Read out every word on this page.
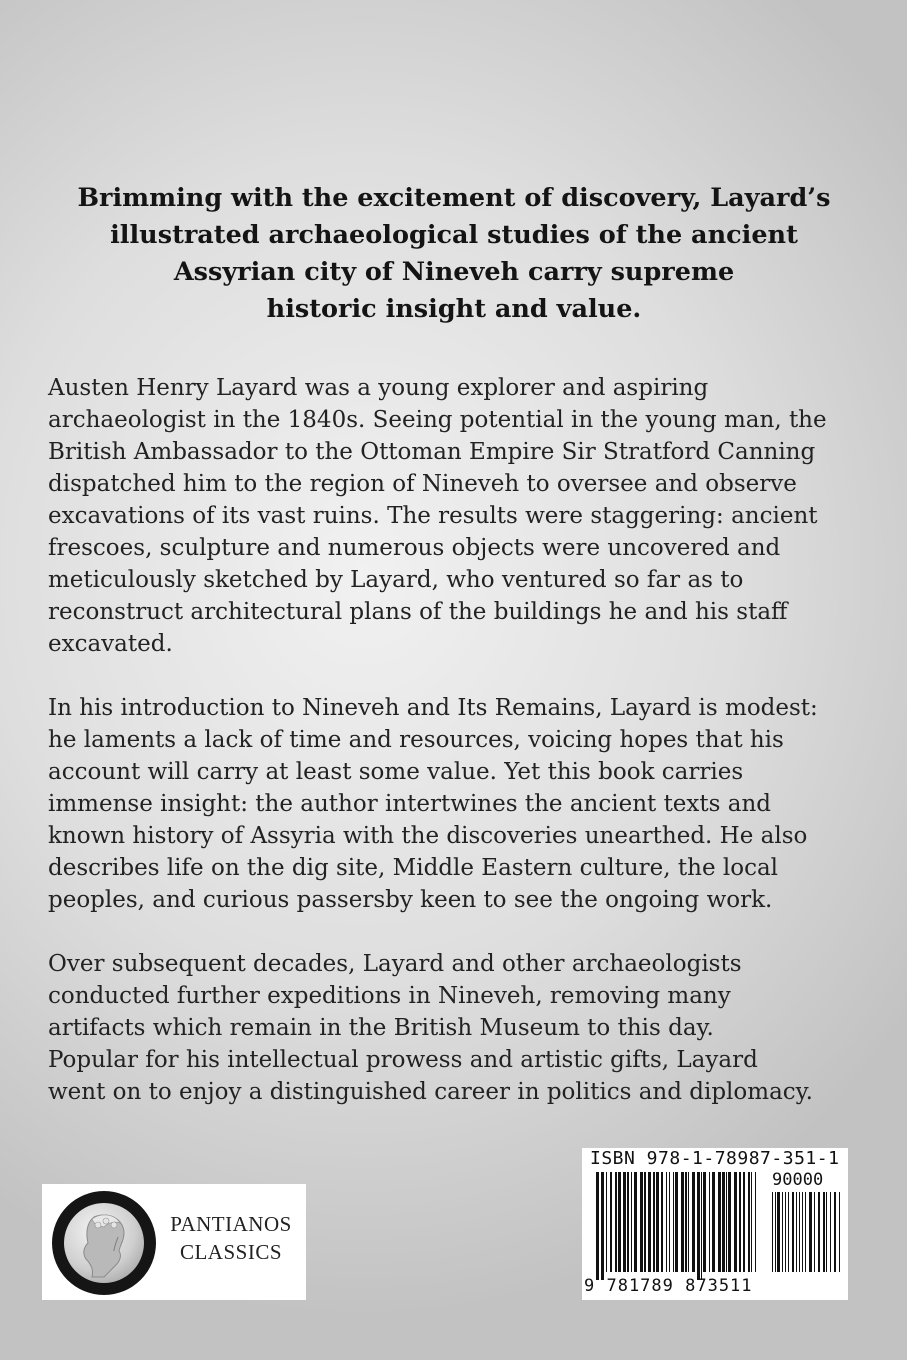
Brimming with the excitement of discovery, Layard’s
illustrated archaeological studies of the ancient
Assyrian city of Nineveh carry supreme
historic insight and value.
Austen Henry Layard was a young explorer and aspiring
archaeologist in the 1840s. Seeing potential in the young man, the
British Ambassador to the Ottoman Empire Sir Stratford Canning
dispatched him to the region of Nineveh to oversee and observe
excavations of its vast ruins. The results were staggering: ancient
frescoes, sculpture and numerous objects were uncovered and
meticulously sketched by Layard, who ventured so far as to
reconstruct architectural plans of the buildings he and his staff
excavated.
In his introduction to Nineveh and Its Remains, Layard is modest:
he laments a lack of time and resources, voicing hopes that his
account will carry at least some value. Yet this book carries
immense insight: the author intertwines the ancient texts and
known history of Assyria with the discoveries unearthed. He also
describes life on the dig site, Middle Eastern culture, the local
peoples, and curious passersby keen to see the ongoing work.
Over subsequent decades, Layard and other archaeologists
conducted further expeditions in Nineveh, removing many
artifacts which remain in the British Museum to this day.
Popular for his intellectual prowess and artistic gifts, Layard
went on to enjoy a distinguished career in politics and diplomacy.
PANTIANOS
CLASSICS
ISBN 978-1-78987-351-1
90000
9 781789 873511
